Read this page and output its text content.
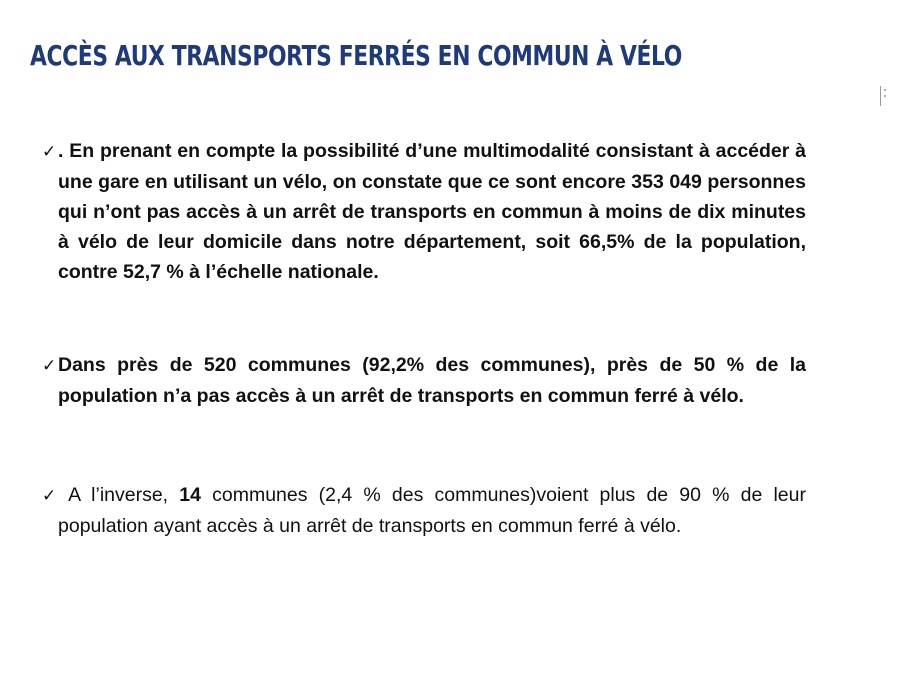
ACCÈS AUX TRANSPORTS FERRÉS EN COMMUN À VÉLO

✓. En prenant en compte la possibilité d’une multimodalité consistant à accéder à une gare en utilisant un vélo, on constate que ce sont encore 353 049 personnes qui n’ont pas accès à un arrêt de transports en commun à moins de dix minutes à vélo de leur domicile dans notre département, soit 66,5% de la population, contre 52,7 % à l’échelle nationale.

✓Dans près de 520 communes (92,2% des communes), près de 50 % de la population n’a pas accès à un arrêt de transports en commun ferré à vélo.

✓ A l’inverse, 14 communes (2,4 % des communes)voient plus de 90 % de leur population ayant accès à un arrêt de transports en commun ferré à vélo.
